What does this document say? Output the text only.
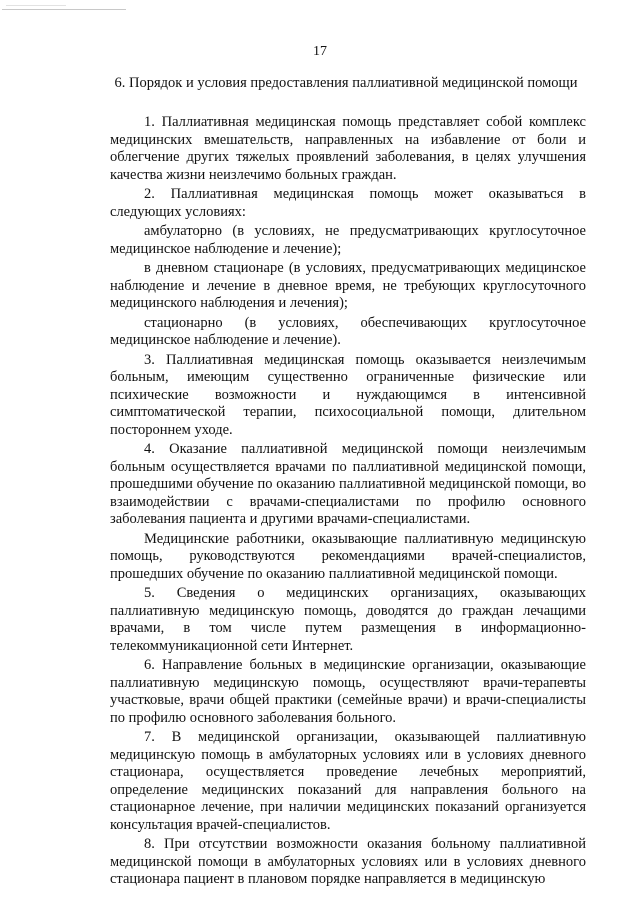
17
6. Порядок и условия предоставления паллиативной медицинской помощи

1. Паллиативная медицинская помощь представляет собой комплекс медицинских вмешательств, направленных на избавление от боли и облегчение других тяжелых проявлений заболевания, в целях улучшения качества жизни неизлечимо больных граждан.

2. Паллиативная медицинская помощь может оказываться в следующих условиях:

амбулаторно (в условиях, не предусматривающих круглосуточное медицинское наблюдение и лечение);

в дневном стационаре (в условиях, предусматривающих медицинское наблюдение и лечение в дневное время, не требующих круглосуточного медицинского наблюдения и лечения);

стационарно (в условиях, обеспечивающих круглосуточное медицинское наблюдение и лечение).

3. Паллиативная медицинская помощь оказывается неизлечимым больным, имеющим существенно ограниченные физические или психические возможности и нуждающимся в интенсивной симптоматической терапии, психосоциальной помощи, длительном постороннем уходе.

4. Оказание паллиативной медицинской помощи неизлечимым больным осуществляется врачами по паллиативной медицинской помощи, прошедшими обучение по оказанию паллиативной медицинской помощи, во взаимодействии с врачами-специалистами по профилю основного заболевания пациента и другими врачами-специалистами.

Медицинские работники, оказывающие паллиативную медицинскую помощь, руководствуются рекомендациями врачей-специалистов, прошедших обучение по оказанию паллиативной медицинской помощи.

5. Сведения о медицинских организациях, оказывающих паллиативную медицинскую помощь, доводятся до граждан лечащими врачами, в том числе путем размещения в информационно-телекоммуникационной сети Интернет.

6. Направление больных в медицинские организации, оказывающие паллиативную медицинскую помощь, осуществляют врачи-терапевты участковые, врачи общей практики (семейные врачи) и врачи-специалисты по профилю основного заболевания больного.

7. В медицинской организации, оказывающей паллиативную медицинскую помощь в амбулаторных условиях или в условиях дневного стационара, осуществляется проведение лечебных мероприятий, определение медицинских показаний для направления больного на стационарное лечение, при наличии медицинских показаний организуется консультация врачей-специалистов.

8. При отсутствии возможности оказания больному паллиативной медицинской помощи в амбулаторных условиях или в условиях дневного стационара пациент в плановом порядке направляется в медицинскую
